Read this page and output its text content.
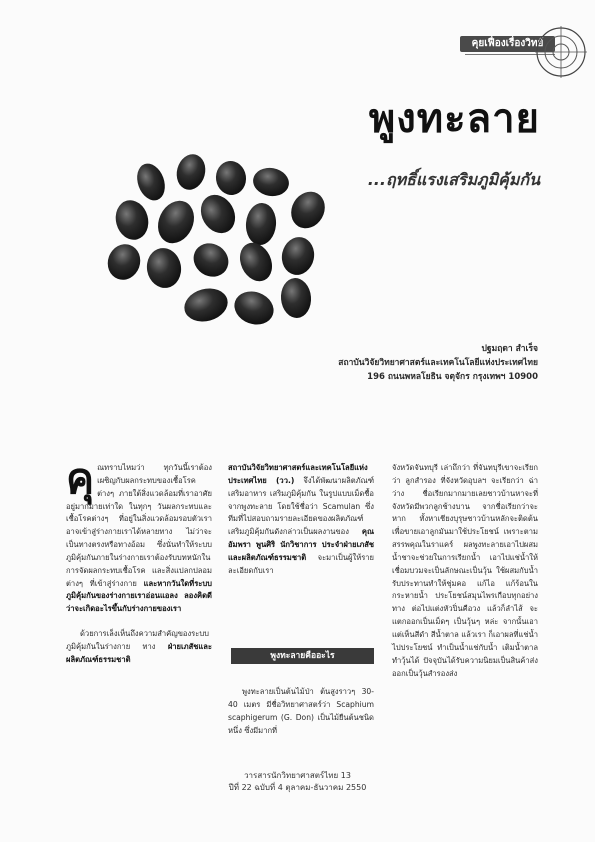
คุยเฟื่องเรื่องวิทย์
พูงทะลาย
...ฤทธิ์แรงเสริมภูมิคุ้มกัน
ปฐมฤดา สำเร็จ
สถาบันวิจัยวิทยาศาสตร์และเทคโนโลยีแห่งประเทศไทย
196 ถนนพหลโยธิน จตุจักร กรุงเทพฯ 10900

คุณทราบไหมว่า ทุกวันนี้เราต้องเผชิญกับผลกระทบของเชื้อโรคต่างๆ ภายใต้สิ่งแวดล้อมที่เราอาศัยอยู่มากมายเท่าใด ในทุกๆ วันผลกระทบและเชื้อโรคต่างๆ ที่อยู่ในสิ่งแวดล้อมรอบตัวเราอาจเข้าสู่ร่างกายเราได้หลายทาง ไม่ว่าจะเป็นทางตรงหรือทางอ้อม ซึ่งนั่นทำให้ระบบภูมิคุ้มกันภายในร่างกายเราต้องรับบทหนักในการจัดผลกระทบเชื้อโรค และสิ่งแปลกปลอมต่างๆ ที่เข้าสู่ร่างกาย และหากวันใดที่ระบบภูมิคุ้มกันของร่างกายเราอ่อนแอลง ลองคิดดีว่าจะเกิดอะไรขึ้นกับร่างกายของเรา

ด้วยการเล็งเห็นถึงความสำคัญของระบบภูมิคุ้มกันในร่างกาย ทาง ฝ่ายเภสัชและผลิตภัณฑ์ธรรมชาติ

สถาบันวิจัยวิทยาศาสตร์และเทคโนโลยีแห่งประเทศไทย (วว.) จึงได้พัฒนาผลิตภัณฑ์เสริมอาหาร เสริมภูมิคุ้มกัน ในรูปแบบเม็ดชื้อจากพูงทะลาย โดยใช้ชื่อว่า Scamulan ซึ่งทีมที่ไปสอบถามรายละเอียดของผลิตภัณฑ์เสริมภูมิคุ้มกันดังกล่าวเป็นผลงานของ คุณอัมพรา พูนศิริ นักวิชาการ ประจำฝ่ายเภสัชและผลิตภัณฑ์ธรรมชาติ จะมาเป็นผู้ให้รายละเอียดกับเรา

พูงทะลายคืออะไร

พูงทะลายเป็นต้นไม้ป่า ต้นสูงราวๆ 30-40 เมตร มีชื่อวิทยาศาสตร์ว่า Scaphium scaphigerum (G. Don) เป็นไม้ยืนต้นชนิดหนึ่ง ซึ่งมีมากที่

จังหวัดจันทบุรี เล่าถึกว่า ที่จันทบุรีเขาจะเรียกว่า ลูกสำรอง ที่จังหวัดอุบลฯ จะเรียกว่า ฉ่าว่าง ชื่อเรียกมากมายเลยชาวบ้านหาจะที่จังหวัดมีพวกลูกช้างบาน จากชื่อเรียกว่าจะหาก ทั้งหาเชียงบุรุษชาวบ้านหลักจะติดต้นเพื่อขายเอาลูกมันมาใช้ประโยชน์ เพราะตามสรรพคุณในราแคร์ ผลพูงทะลายเอาไปผสมน้ำชาจะช่วยในการเรียกน้ำ เอาไปแช่น้ำให้เชื่อมบวมจะเป็นลักษณะเป็นวุ้น ใช้ผสมกับน้ำ รับประทานทำให้ชุ่มคอ แก้ไอ แก้ร้อนใน กระหายน้ำ ประโยชน์สมุนไพรเกือบทุกอย่าง ทาง ต่อไปแต่งหัวปิ่นคือวง แล้วก็ลำไส้ จะแตกออกเป็นเม็ดๆ เป็นวุ้นๆ หล่ะ จากนั้นเอา แต่เห็นสีดำ สีน้ำตาล แล้วเรา ก็เอาผลที่แช่น้ำไปประโยชน์ ทำเป็นน้ำแช่กับน้ำ เติมน้ำตาล ทำวุ้นได้ ปัจจุบันได้รับความนิยมเป็นสินค้าส่งออกเป็นวุ้นสำรองส่ง

วารสารนักวิทยาศาสตร์ไทย 13
ปีที่ 22 ฉบับที่ 4 ตุลาคม-ธันวาคม 2550
